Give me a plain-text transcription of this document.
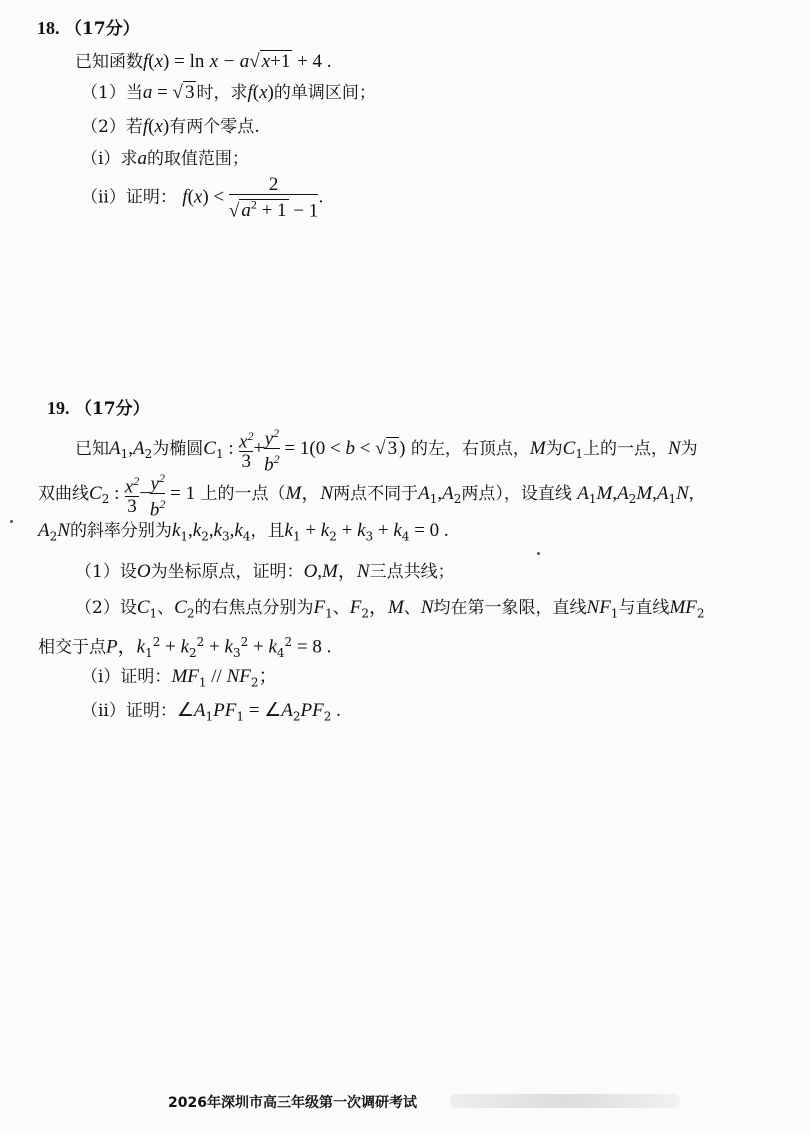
18. （17分）
已知函数f(x) = ln x − a√ x+1 + 4 .
（1）当a = √ 3 时，求f(x)的单调区间；
（2）若f(x)有两个零点.
（i）求a的取值范围；
（ii）证明： $f(x) < \frac{2}{√ a^2 + 1 - 1}$ .
19. （17分）
已知$A_1,A_2$为椭圆$C_1$ : $\frac{x^2}{3} + \frac{y^2}{b^2} = 1(0 < b$ < √ 3 ) 的左，右顶点，M为$C_1$上的一点，N为
双曲线$C_2$ : $\frac{x^2}{3} - \frac{y^2}{b^2} = 1$ 上的一点（M，N两点不同于$A_1,A_2$两点），设直线 $A_1M,A_2M,A_1N$,
$A_2N$的斜率分别为$k_1,k_2,k_3,k_4$，且$k_1 + k_2 + k_3 + k_4 = 0$ .
（1）设O为坐标原点，证明：O,M，N三点共线；
（2）设$C_1$、$C_2$的右焦点分别为$F_1$、$F_2$，M、N均在第一象限，直线$NF_1$与直线$MF_2$
相交于点P，$k_1^2 + k_2^2 + k_3^2 + k_4^2 = 8$ .
（i）证明：$MF_1 // NF_2$；
（ii）证明：$\angle A_1PF_1$ = $\angle A_2PF_2$ .
2026年深圳市高三年级第一次调研考试
